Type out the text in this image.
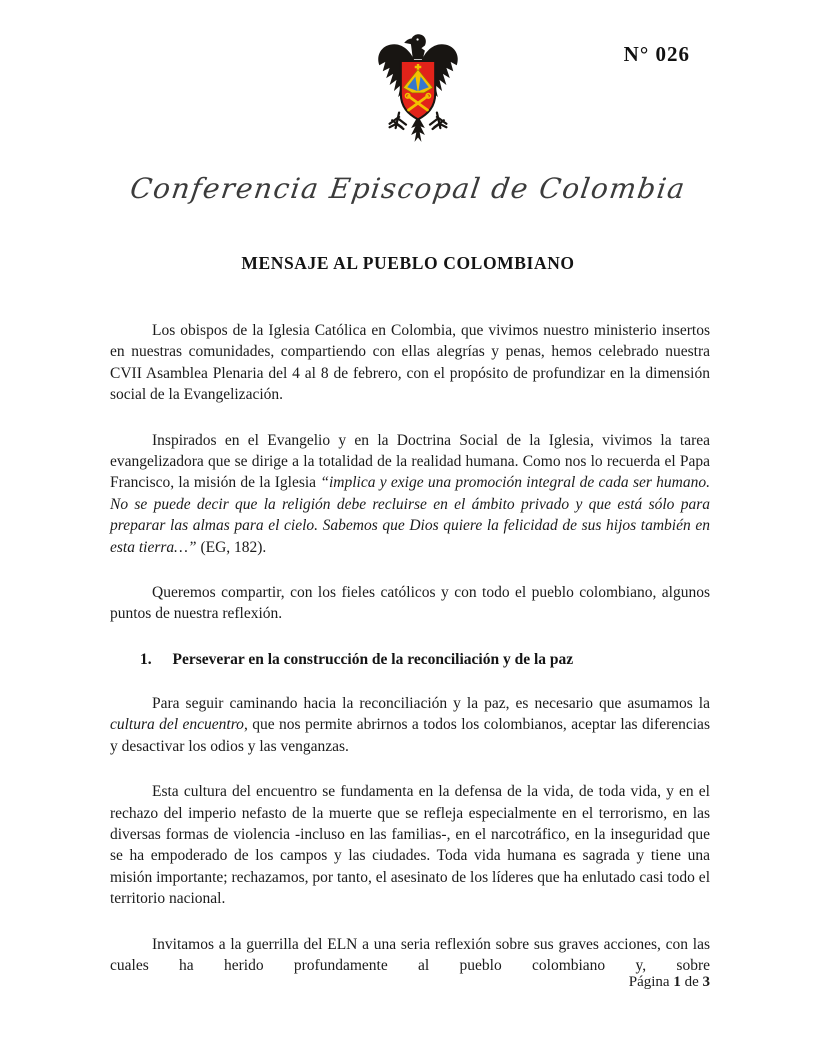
N° 026
Conferencia Episcopal de Colombia
MENSAJE AL PUEBLO COLOMBIANO

Los obispos de la Iglesia Católica en Colombia, que vivimos nuestro ministerio insertos en nuestras comunidades, compartiendo con ellas alegrías y penas, hemos celebrado nuestra CVII Asamblea Plenaria del 4 al 8 de febrero, con el propósito de profundizar en la dimensión social de la Evangelización.

Inspirados en el Evangelio y en la Doctrina Social de la Iglesia, vivimos la tarea evangelizadora que se dirige a la totalidad de la realidad humana. Como nos lo recuerda el Papa Francisco, la misión de la Iglesia “implica y exige una promoción integral de cada ser humano. No se puede decir que la religión debe recluirse en el ámbito privado y que está sólo para preparar las almas para el cielo. Sabemos que Dios quiere la felicidad de sus hijos también en esta tierra…” (EG, 182).

Queremos compartir, con los fieles católicos y con todo el pueblo colombiano, algunos puntos de nuestra reflexión.

1. Perseverar en la construcción de la reconciliación y de la paz

Para seguir caminando hacia la reconciliación y la paz, es necesario que asumamos la cultura del encuentro, que nos permite abrirnos a todos los colombianos, aceptar las diferencias y desactivar los odios y las venganzas.

Esta cultura del encuentro se fundamenta en la defensa de la vida, de toda vida, y en el rechazo del imperio nefasto de la muerte que se refleja especialmente en el terrorismo, en las diversas formas de violencia -incluso en las familias-, en el narcotráfico, en la inseguridad que se ha empoderado de los campos y las ciudades. Toda vida humana es sagrada y tiene una misión importante; rechazamos, por tanto, el asesinato de los líderes que ha enlutado casi todo el territorio nacional.

Invitamos a la guerrilla del ELN a una seria reflexión sobre sus graves acciones, con las cuales ha herido profundamente al pueblo colombiano y, sobre

Página 1 de 3
